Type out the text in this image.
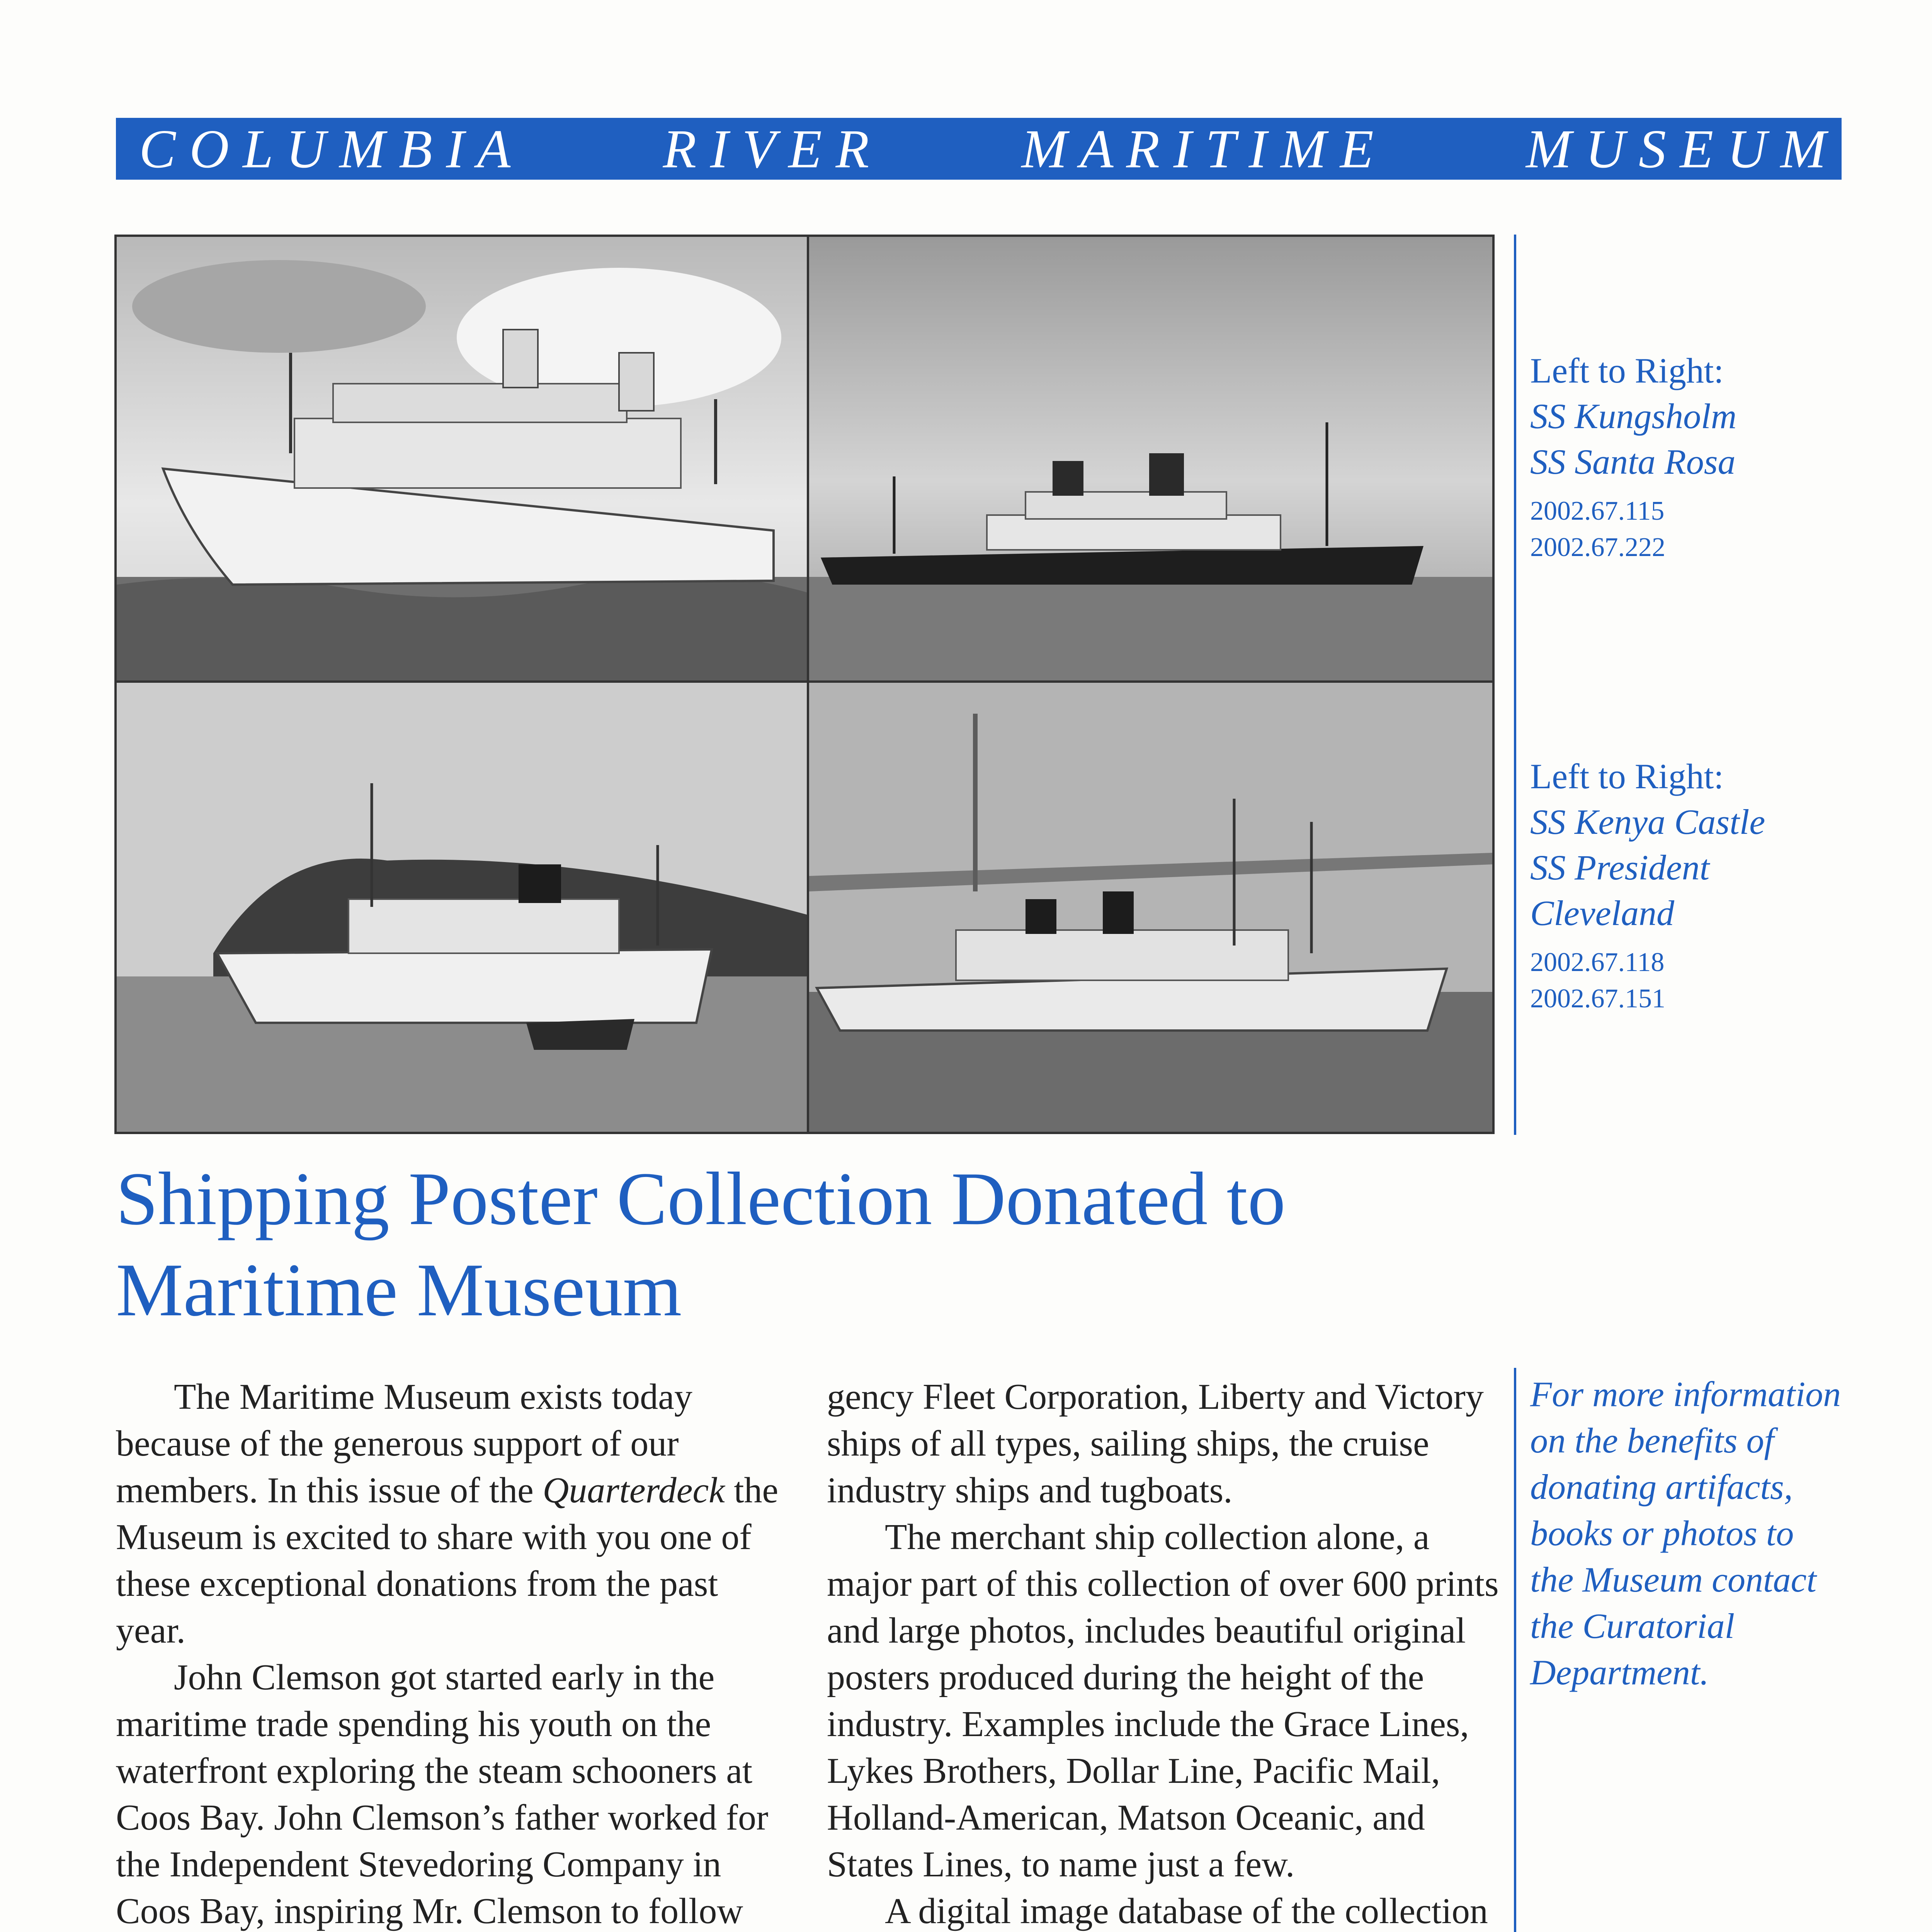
C O L U M B I A	R I V E R	M A R I T I M E	M U S E U M
Left to Right:
SS Kungsholm
SS Santa Rosa
2002.67.115
2002.67.222
Left to Right:
SS Kenya Castle
SS President
Cleveland
2002.67.118
2002.67.151
Shipping Poster Collection Donated to
Maritime Museum

The Maritime Museum exists today because of the generous support of our members. In this issue of the Quarterdeck the Museum is excited to share with you one of these exceptional donations from the past year.

John Clemson got started early in the maritime trade spending his youth on the waterfront exploring the steam schooners at Coos Bay. John Clemson’s father worked for the Independent Stevedoring Company in Coos Bay, inspiring Mr. Clemson to follow

gency Fleet Corporation, Liberty and Victory ships of all types, sailing ships, the cruise industry ships and tugboats.

The merchant ship collection alone, a major part of this collection of over 600 prints and large photos, includes beautiful original posters produced during the height of the industry. Examples include the Grace Lines, Lykes Brothers, Dollar Line, Pacific Mail, Holland-American, Matson Oceanic, and States Lines, to name just a few.

A digital image database of the collection

For more information
on the benefits of
donating artifacts,
books or photos to
the Museum contact
the Curatorial
Department.
